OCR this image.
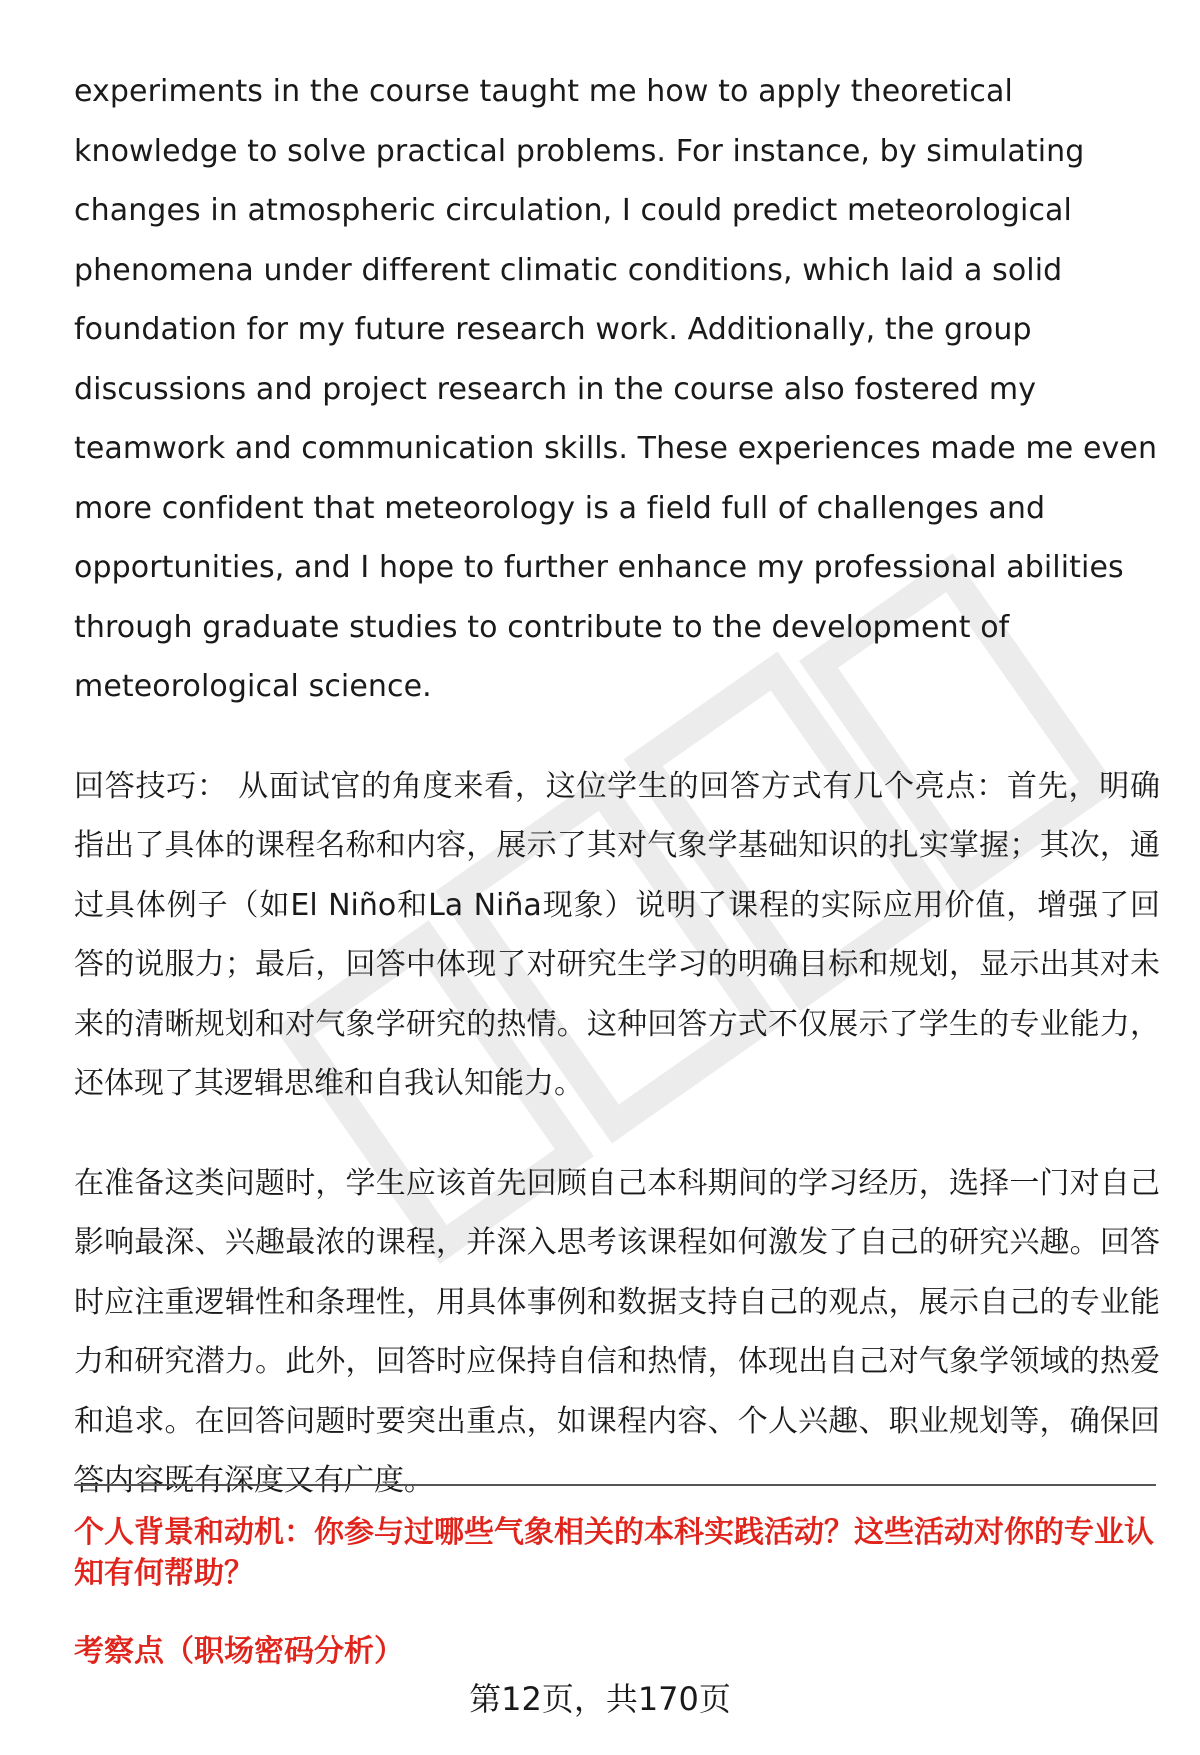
experiments in the course taught me how to apply theoretical knowledge to solve practical problems. For instance, by simulating changes in atmospheric circulation, I could predict meteorological phenomena under different climatic conditions, which laid a solid foundation for my future research work. Additionally, the group discussions and project research in the course also fostered my teamwork and communication skills. These experiences made me even more confident that meteorology is a field full of challenges and opportunities, and I hope to further enhance my professional abilities through graduate studies to contribute to the development of meteorological science.

回答技巧： 从面试官的角度来看，这位学生的回答方式有几个亮点：首先，明确指出了具体的课程名称和内容，展示了其对气象学基础知识的扎实掌握；其次，通过具体例子（如El Niño和La Niña现象）说明了课程的实际应用价值，增强了回答的说服力；最后，回答中体现了对研究生学习的明确目标和规划，显示出其对未来的清晰规划和对气象学研究的热情。这种回答方式不仅展示了学生的专业能力，还体现了其逻辑思维和自我认知能力。

在准备这类问题时，学生应该首先回顾自己本科期间的学习经历，选择一门对自己影响最深、兴趣最浓的课程，并深入思考该课程如何激发了自己的研究兴趣。回答时应注重逻辑性和条理性，用具体事例和数据支持自己的观点，展示自己的专业能力和研究潜力。此外，回答时应保持自信和热情，体现出自己对气象学领域的热爱和追求。在回答问题时要突出重点，如课程内容、个人兴趣、职业规划等，确保回答内容既有深度又有广度。

个人背景和动机：你参与过哪些气象相关的本科实践活动？这些活动对你的专业认知有何帮助？

考察点（职场密码分析）

第12页，共170页
